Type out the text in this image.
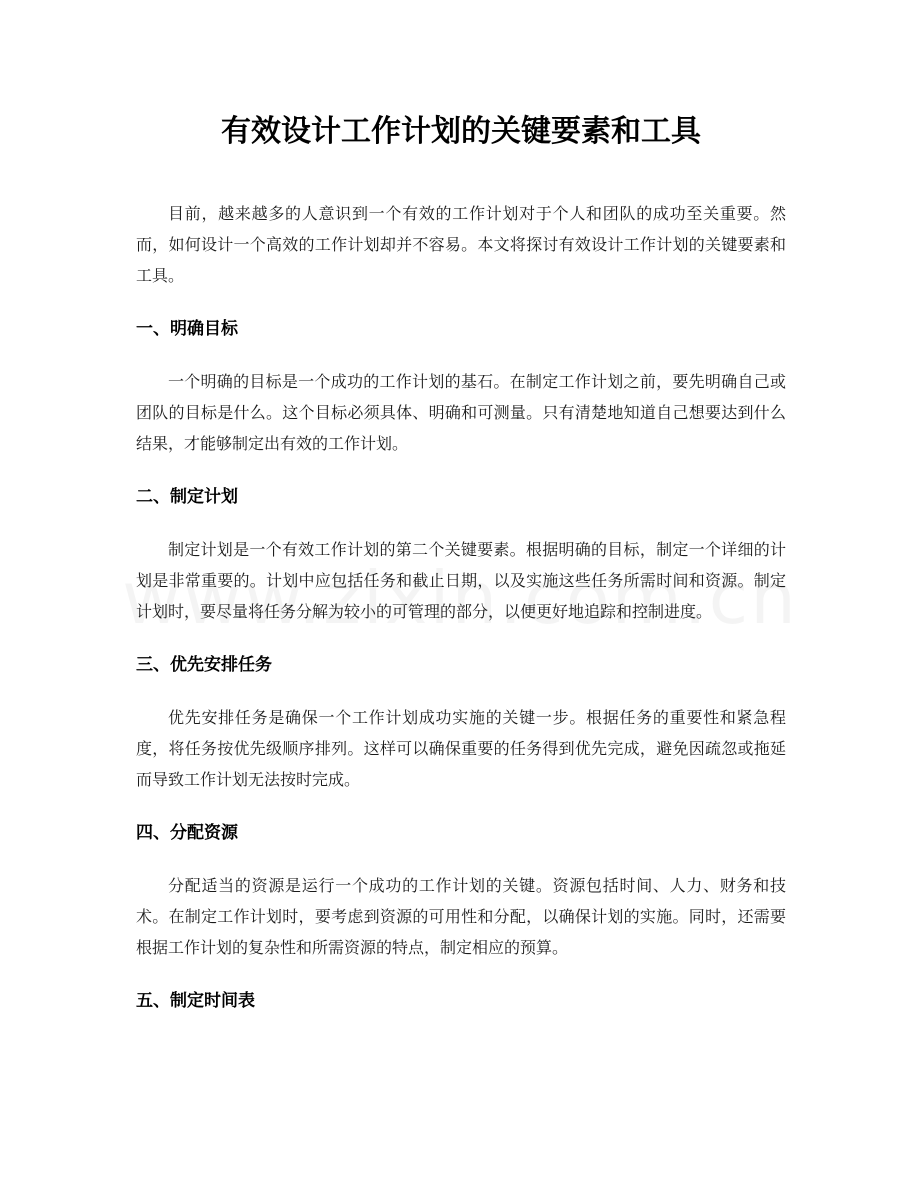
有效设计工作计划的关键要素和工具

目前，越来越多的人意识到一个有效的工作计划对于个人和团队的成功至关重要。然而，如何设计一个高效的工作计划却并不容易。本文将探讨有效设计工作计划的关键要素和工具。

一、明确目标

一个明确的目标是一个成功的工作计划的基石。在制定工作计划之前，要先明确自己或团队的目标是什么。这个目标必须具体、明确和可测量。只有清楚地知道自己想要达到什么结果，才能够制定出有效的工作计划。

二、制定计划

制定计划是一个有效工作计划的第二个关键要素。根据明确的目标，制定一个详细的计划是非常重要的。计划中应包括任务和截止日期，以及实施这些任务所需时间和资源。制定计划时，要尽量将任务分解为较小的可管理的部分，以便更好地追踪和控制进度。

三、优先安排任务

优先安排任务是确保一个工作计划成功实施的关键一步。根据任务的重要性和紧急程度，将任务按优先级顺序排列。这样可以确保重要的任务得到优先完成，避免因疏忽或拖延而导致工作计划无法按时完成。

四、分配资源

分配适当的资源是运行一个成功的工作计划的关键。资源包括时间、人力、财务和技术。在制定工作计划时，要考虑到资源的可用性和分配，以确保计划的实施。同时，还需要根据工作计划的复杂性和所需资源的特点，制定相应的预算。

五、制定时间表
